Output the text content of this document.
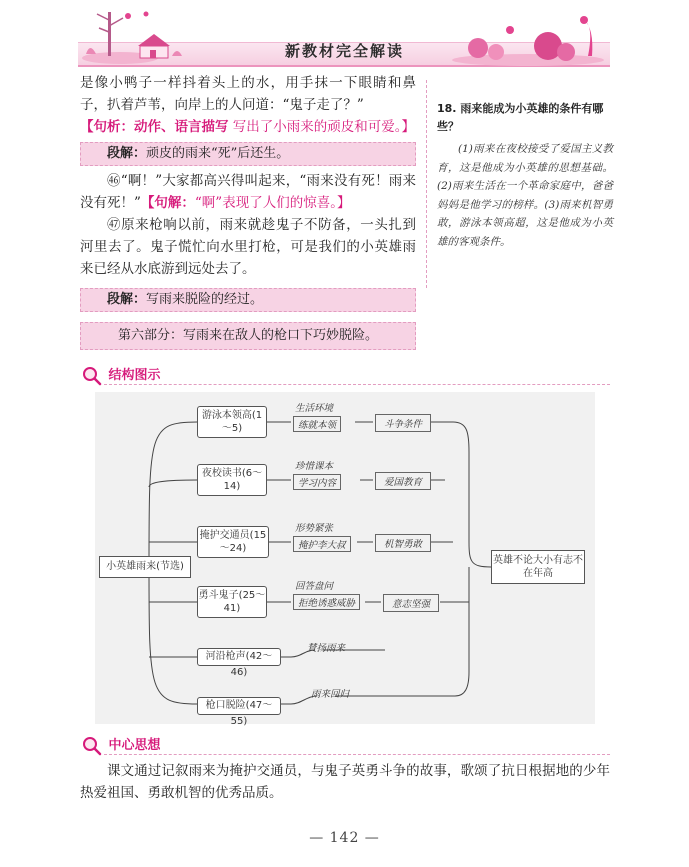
新教材完全解读

是像小鸭子一样抖着头上的水，用手抹一下眼睛和鼻子，扒着芦苇，向岸上的人问道：“鬼子走了？”

【句析：动作、语言描写 写出了小雨来的顽皮和可爱。】

段解：顽皮的雨来“死”后还生。

㊻“啊！”大家都高兴得叫起来，“雨来没有死！雨来没有死！”【句解：“啊”表现了人们的惊喜。】

㊼原来枪响以前，雨来就趁鬼子不防备，一头扎到河里去了。鬼子慌忙向水里打枪，可是我们的小英雄雨来已经从水底游到远处去了。

段解：写雨来脱险的经过。
第六部分：写雨来在敌人的枪口下巧妙脱险。

18. 雨来能成为小英雄的条件有哪些？

(1)雨来在夜校接受了爱国主义教育，这是他成为小英雄的思想基础。(2)雨来生活在一个革命家庭中，爸爸妈妈是他学习的榜样。(3)雨来机智勇敢，游泳本领高超，这是他成为小英雄的客观条件。

结构图示
小英雄雨来(节选)
游泳本领高(1～5)
夜校读书(6～14)
掩护交通员(15～24)
勇斗鬼子(25～41)
河沿枪声(42～46)
枪口脱险(47～55)
生活环境
练就本领	斗争条件
珍惜课本
学习内容	爱国教育
形势紧张
掩护李大叔	机智勇敢
回答盘问
拒绝诱惑威胁	意志坚强
賛扬雨来
雨来回归
英雄不论大小有志不在年高
中心思想

课文通过记叙雨来为掩护交通员，与鬼子英勇斗争的故事，歌颂了抗日根据地的少年热爱祖国、勇敢机智的优秀品质。

— 142 —
